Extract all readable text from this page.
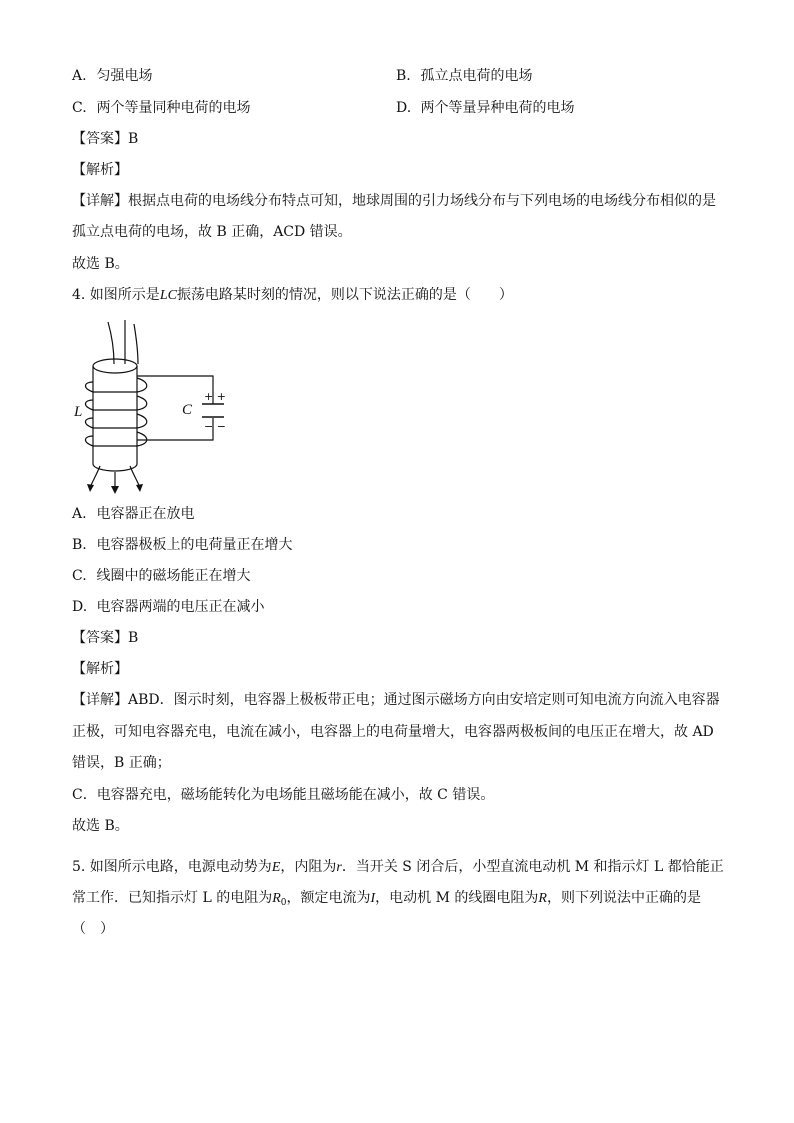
A. 匀强电场	B. 孤立点电荷的电场
C. 两个等量同种电荷的电场	D. 两个等量异种电荷的电场
【答案】B
【解析】
【详解】根据点电荷的电场线分布特点可知，地球周围的引力场线分布与下列电场的电场线分布相似的是
孤立点电荷的电场，故 B 正确，ACD 错误。
故选 B。
4. 如图所示是LC振荡电路某时刻的情况，则以下说法正确的是（　　）
L	C
+ +
− −
A. 电容器正在放电
B. 电容器极板上的电荷量正在增大
C. 线圈中的磁场能正在增大
D. 电容器两端的电压正在减小
【答案】B
【解析】
【详解】ABD．图示时刻，电容器上极板带正电；通过图示磁场方向由安培定则可知电流方向流入电容器
正极，可知电容器充电，电流在减小，电容器上的电荷量增大，电容器两极板间的电压正在增大，故 AD
错误，B 正确；
C．电容器充电，磁场能转化为电场能且磁场能在减小，故 C 错误。
故选 B。
5. 如图所示电路，电源电动势为E，内阻为r．当开关 S 闭合后，小型直流电动机 M 和指示灯 L 都恰能正
常工作．已知指示灯 L 的电阻为$R_0$，额定电流为I，电动机 M 的线圈电阻为R，则下列说法中正确的是
（　）
